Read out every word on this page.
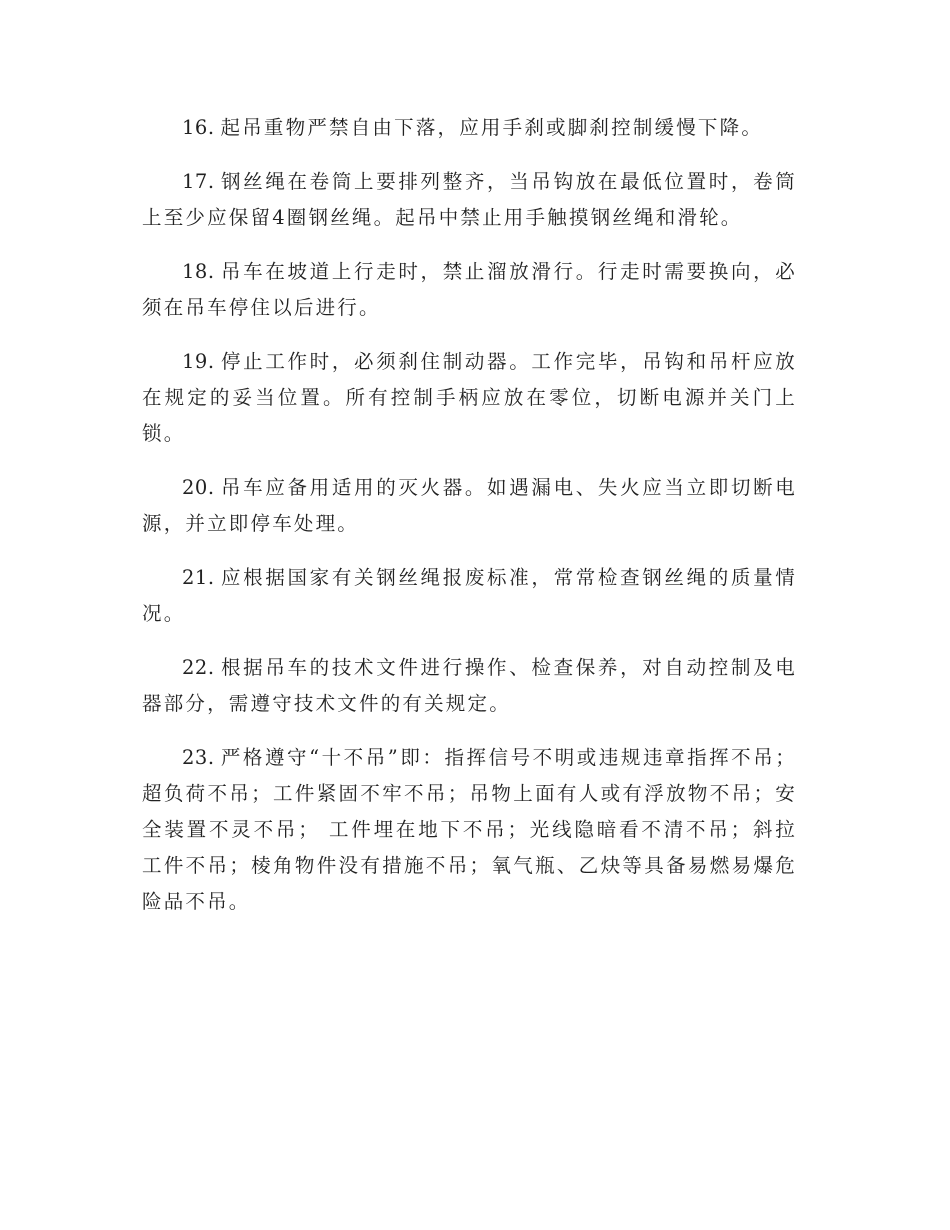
16. 起吊重物严禁自由下落，应用手刹或脚刹控制缓慢下降。

17. 钢丝绳在卷筒上要排列整齐，当吊钩放在最低位置时，卷筒上至少应保留4圈钢丝绳。起吊中禁止用手触摸钢丝绳和滑轮。

18. 吊车在坡道上行走时，禁止溜放滑行。行走时需要换向，必须在吊车停住以后进行。

19. 停止工作时，必须刹住制动器。工作完毕，吊钩和吊杆应放在规定的妥当位置。所有控制手柄应放在零位，切断电源并关门上锁。

20. 吊车应备用适用的灭火器。如遇漏电、失火应当立即切断电源，并立即停车处理。

21. 应根据国家有关钢丝绳报废标准，常常检查钢丝绳的质量情况。

22. 根据吊车的技术文件进行操作、检查保养，对自动控制及电器部分，需遵守技术文件的有关规定。

23. 严格遵守“十不吊”即：指挥信号不明或违规违章指挥不吊；超负荷不吊；工件紧固不牢不吊；吊物上面有人或有浮放物不吊；安全装置不灵不吊； 工件埋在地下不吊；光线隐暗看不清不吊；斜拉工件不吊；棱角物件没有措施不吊；氧气瓶、乙炔等具备易燃易爆危险品不吊。
